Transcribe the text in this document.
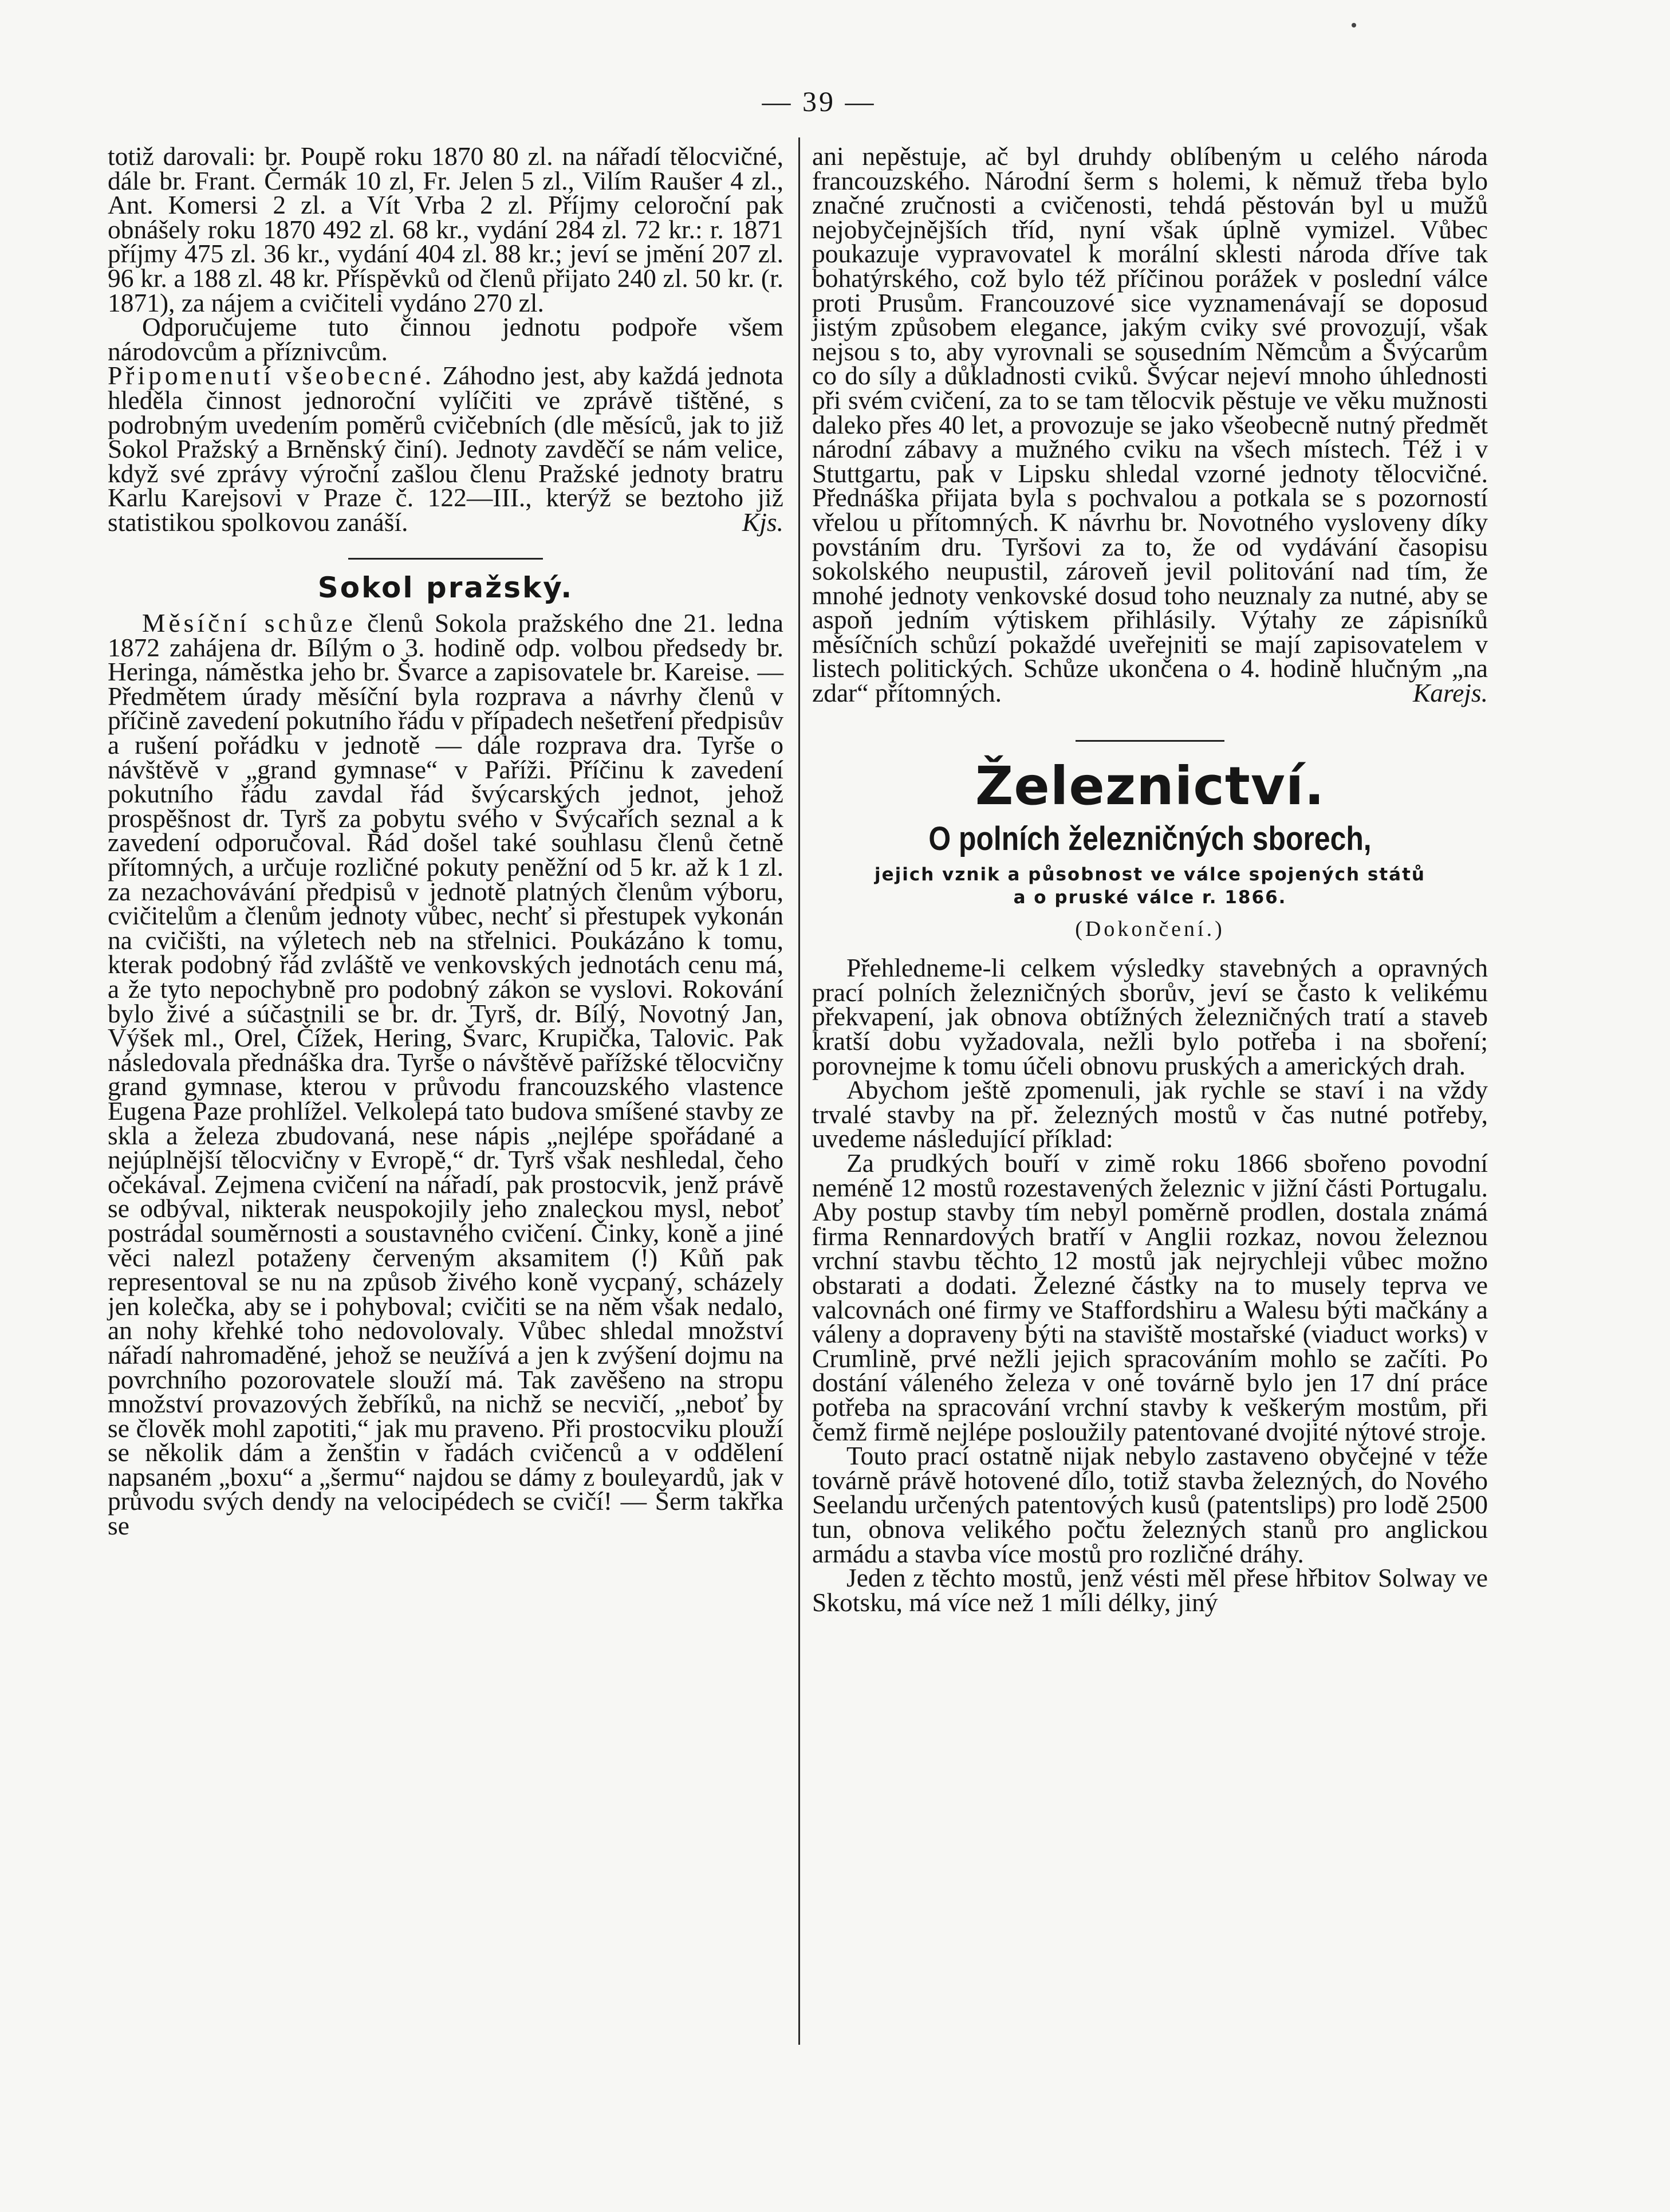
— 39 —

totiž darovali: br. Poupě roku 1870 80 zl. na nářadí tělocvičné, dále br. Frant. Čermák 10 zl, Fr. Jelen 5 zl., Vilím Raušer 4 zl., Ant. Komersi 2 zl. a Vít Vrba 2 zl. Příjmy celoroční pak obnášely roku 1870 492 zl. 68 kr., vydání 284 zl. 72 kr.: r. 1871 příjmy 475 zl. 36 kr., vydání 404 zl. 88 kr.; jeví se jmění 207 zl. 96 kr. a 188 zl. 48 kr. Příspěvků od členů přijato 240 zl. 50 kr. (r. 1871), za nájem a cvičiteli vydáno 270 zl.

Odporučujeme tuto činnou jednotu podpoře všem národovcům a příznivcům.

Připomenutí všeobecné. Záhodno jest, aby každá jednota hleděla činnost jednoroční vylíčiti ve zprávě tištěné, s podrobným uvedením poměrů cvičebních (dle měsíců, jak to již Sokol Pražský a Brněnský činí). Jednoty zavděčí se nám velice, když své zprávy výroční zašlou členu Pražské jednoty bratru Karlu Karejsovi v Praze č. 122—III., kterýž se beztoho již statistikou spolkovou zanáší.	Kjs.

Sokol pražský.

Měsíční schůze členů Sokola pražského dne 21. ledna 1872 zahájena dr. Bílým o 3. hodině odp. volbou předsedy br. Heringa, náměstka jeho br. Švarce a zapisovatele br. Kareise. — Předmětem úrady měsíční byla rozprava a návrhy členů v příčině zavedení pokutního řádu v případech nešetření předpisův a rušení pořádku v jednotě — dále rozprava dra. Tyrše o návštěvě v „grand gymnase“ v Paříži. Příčinu k zavedení pokutního řádu zavdal řád švýcarských jednot, jehož prospěšnost dr. Tyrš za pobytu svého v Švýcařích seznal a k zavedení odporučoval. Řád došel také souhlasu členů četně přítomných, a určuje rozličné pokuty peněžní od 5 kr. až k 1 zl. za nezachovávání předpisů v jednotě platných členům výboru, cvičitelům a členům jednoty vůbec, nechť si přestupek vykonán na cvičišti, na výletech neb na střelnici. Poukázáno k tomu, kterak podobný řád zvláště ve venkovských jednotách cenu má, a že tyto nepochybně pro podobný zákon se vyslovi. Rokování bylo živé a súčastnili se br. dr. Tyrš, dr. Bílý, Novotný Jan, Výšek ml., Orel, Čížek, Hering, Švarc, Krupička, Talovic. Pak následovala přednáška dra. Tyrše o návštěvě pařížské tělocvičny grand gymnase, kterou v průvodu francouzského vlastence Eugena Paze prohlížel. Velkolepá tato budova smíšené stavby ze skla a železa zbudovaná, nese nápis „nejlépe spořádané a nejúplnější tělocvičny v Evropě,“ dr. Tyrš však neshledal, čeho očekával. Zejmena cvičení na nářadí, pak prostocvik, jenž právě se odbýval, nikterak neuspokojily jeho znaleckou mysl, neboť postrádal souměrnosti a soustavného cvičení. Činky, koně a jiné věci nalezl potaženy červeným aksamitem (!) Kůň pak representoval se nu na způsob živého koně vycpaný, scházely jen kolečka, aby se i pohyboval; cvičiti se na něm však nedalo, an nohy křehké toho nedovolovaly. Vůbec shledal množství nářadí nahromaděné, jehož se neužívá a jen k zvýšení dojmu na povrchního pozorovatele slouží má. Tak zavěšeno na stropu množství provazových žebříků, na nichž se necvičí, „neboť by se člověk mohl zapotiti,“ jak mu praveno. Při prostocviku plouží se několik dám a ženštin v řadách cvičenců a v oddělení napsaném „boxu“ a „šermu“ najdou se dámy z boulevardů, jak v průvodu svých dendy na velocipédech se cvičí! — Šerm takřka se

ani nepěstuje, ač byl druhdy oblíbeným u celého národa francouzského. Národní šerm s holemi, k němuž třeba bylo značné zručnosti a cvičenosti, tehdá pěstován byl u mužů nejobyčejnějších tříd, nyní však úplně vymizel. Vůbec poukazuje vypravovatel k morální sklesti národa dříve tak bohatýrského, což bylo též příčinou porážek v poslední válce proti Prusům. Francouzové sice vyznamenávají se doposud jistým způsobem elegance, jakým cviky své provozují, však nejsou s to, aby vyrovnali se sousedním Němcům a Švýcarům co do síly a důkladnosti cviků. Švýcar nejeví mnoho úhlednosti při svém cvičení, za to se tam tělocvik pěstuje ve věku mužnosti daleko přes 40 let, a provozuje se jako všeobecně nutný předmět národní zábavy a mužného cviku na všech místech. Též i v Stuttgartu, pak v Lipsku shledal vzorné jednoty tělocvičné. Přednáška přijata byla s pochvalou a potkala se s pozorností vřelou u přítomných. K návrhu br. Novotného vysloveny díky povstáním dru. Tyršovi za to, že od vydávání časopisu sokolského neupustil, zároveň jevil politování nad tím, že mnohé jednoty venkovské dosud toho neuznaly za nutné, aby se aspoň jedním výtiskem přihlásily. Výtahy ze zápisníků měsíčních schůzí pokaždé uveřejniti se mají zapisovatelem v listech politických. Schůze ukončena o 4. hodině hlučným „na zdar“ přítomných.	Karejs.

Železnictví.
O polních železničných sborech,
jejich vznik a působnost ve válce spojených států
a o pruské válce r. 1866.
(Dokončení.)

Přehledneme-li celkem výsledky stavebných a opravných prací polních železničných sborův, jeví se často k velikému překvapení, jak obnova obtížných železničných tratí a staveb kratší dobu vyžadovala, nežli bylo potřeba i na sboření; porovnejme k tomu účeli obnovu pruských a amerických drah.

Abychom ještě zpomenuli, jak rychle se staví i na vždy trvalé stavby na př. železných mostů v čas nutné potřeby, uvedeme následující příklad:

Za prudkých bouří v zimě roku 1866 sbořeno povodní neméně 12 mostů rozestavených železnic v jižní části Portugalu. Aby postup stavby tím nebyl poměrně prodlen, dostala známá firma Rennardových bratří v Anglii rozkaz, novou železnou vrchní stavbu těchto 12 mostů jak nejrychleji vůbec možno obstarati a dodati. Železné částky na to musely teprva ve valcovnách oné firmy ve Staffordshiru a Walesu býti mačkány a váleny a dopraveny býti na staviště mostařské (viaduct works) v Crumlině, prvé nežli jejich spracováním mohlo se začíti. Po dostání váleného železa v oné továrně bylo jen 17 dní práce potřeba na spracování vrchní stavby k veškerým mostům, při čemž firmě nejlépe posloužily patentované dvojité nýtové stroje.

Touto prací ostatně nijak nebylo zastaveno obyčejné v téže továrně právě hotovené dílo, totiž stavba železných, do Nového Seelandu určených patentových kusů (patentslips) pro lodě 2500 tun, obnova velikého počtu železných stanů pro anglickou armádu a stavba více mostů pro rozličné dráhy.

Jeden z těchto mostů, jenž vésti měl přese hřbitov Solway ve Skotsku, má více než 1 míli délky, jiný
